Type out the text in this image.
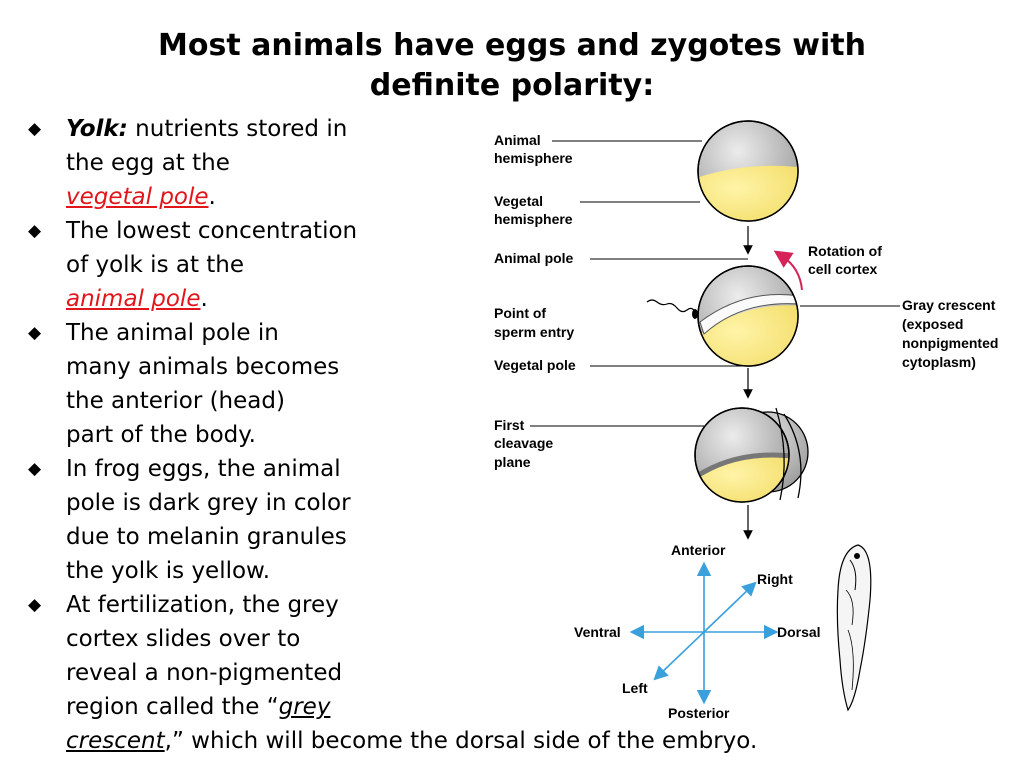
Most animals have eggs and zygotes with
definite polarity:
◆ Yolk: nutrients stored in
the egg at the
vegetal pole.
◆ The lowest concentration
of yolk is at the
animal pole.
◆ The animal pole in
many animals becomes
the anterior (head)
part of the body.
◆ In frog eggs, the animal
pole is dark grey in color
due to melanin granules
the yolk is yellow.
◆ At fertilization, the grey
cortex slides over to
reveal a non-pigmented
region called the “grey
crescent,” which will become the dorsal side of the embryo.
Animal
hemisphere
Vegetal
hemisphere
Animal pole	Rotation of
cell cortex
Point of
sperm entry
Gray crescent
(exposed
nonpigmented
cytoplasm)
Vegetal pole
First
cleavage
plane
Anterior
Posterior
Ventral	Dorsal
Right
Left
